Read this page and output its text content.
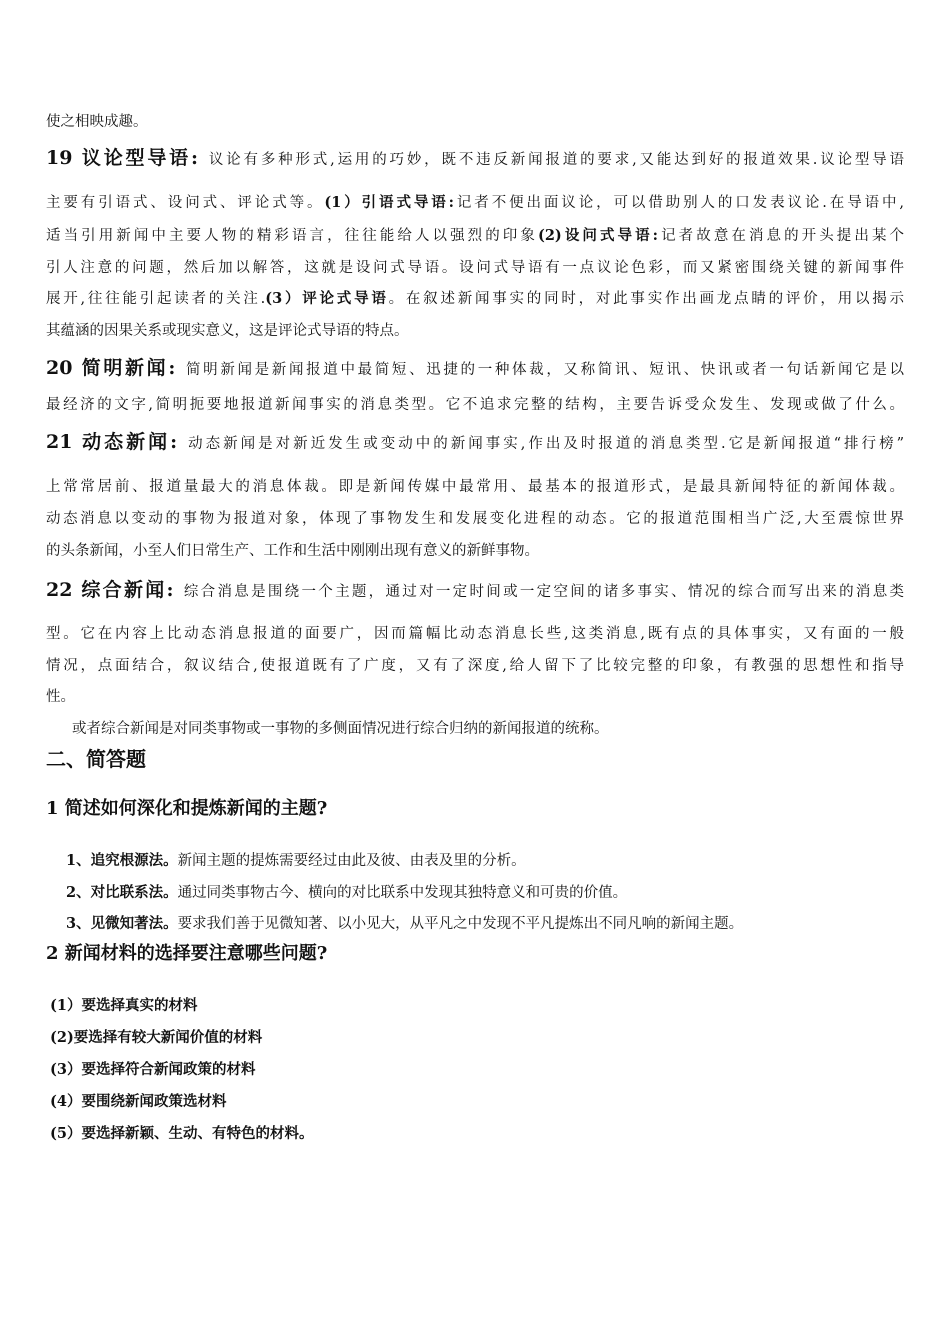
使之相映成趣。
19 议论型导语: 议论有多种形式,运用的巧妙，既不违反新闻报道的要求,又能达到好的报道效果.议论型导语
主要有引语式、设问式、评论式等。(1）引语式导语:记者不便出面议论，可以借助别人的口发表议论.在导语中,
适当引用新闻中主要人物的精彩语言，往往能给人以强烈的印象(2)设问式导语:记者故意在消息的开头提出某个
引人注意的问题，然后加以解答，这就是设问式导语。设问式导语有一点议论色彩，而又紧密围绕关键的新闻事件
展开,往往能引起读者的关注.(3）评论式导语。在叙述新闻事实的同时，对此事实作出画龙点睛的评价，用以揭示
其蕴涵的因果关系或现实意义，这是评论式导语的特点。
20 简明新闻: 简明新闻是新闻报道中最简短、迅捷的一种体裁，又称简讯、短讯、快讯或者一句话新闻它是以
最经济的文字,简明扼要地报道新闻事实的消息类型。它不追求完整的结构，主要告诉受众发生、发现或做了什么。
21 动态新闻: 动态新闻是对新近发生或变动中的新闻事实,作出及时报道的消息类型.它是新闻报道“排行榜”
上常常居前、报道量最大的消息体裁。即是新闻传媒中最常用、最基本的报道形式，是最具新闻特征的新闻体裁。
动态消息以变动的事物为报道对象，体现了事物发生和发展变化进程的动态。它的报道范围相当广泛,大至震惊世界
的头条新闻，小至人们日常生产、工作和生活中刚刚出现有意义的新鲜事物。
22 综合新闻: 综合消息是围绕一个主题，通过对一定时间或一定空间的诸多事实、情况的综合而写出来的消息类
型。它在内容上比动态消息报道的面要广，因而篇幅比动态消息长些,这类消息,既有点的具体事实，又有面的一般
情况，点面结合，叙议结合,使报道既有了广度，又有了深度,给人留下了比较完整的印象，有教强的思想性和指导
性。
或者综合新闻是对同类事物或一事物的多侧面情况进行综合归纳的新闻报道的统称。
二、简答题
1 简述如何深化和提炼新闻的主题?
1、追究根源法。新闻主题的提炼需要经过由此及彼、由表及里的分析。
2、对比联系法。通过同类事物古今、横向的对比联系中发现其独特意义和可贵的价值。
3、见微知著法。要求我们善于见微知著、以小见大，从平凡之中发现不平凡提炼出不同凡响的新闻主题。
2 新闻材料的选择要注意哪些问题?
(1）要选择真实的材料
(2)要选择有较大新闻价值的材料
(3）要选择符合新闻政策的材料
(4）要围绕新闻政策选材料
(5）要选择新颖、生动、有特色的材料。
